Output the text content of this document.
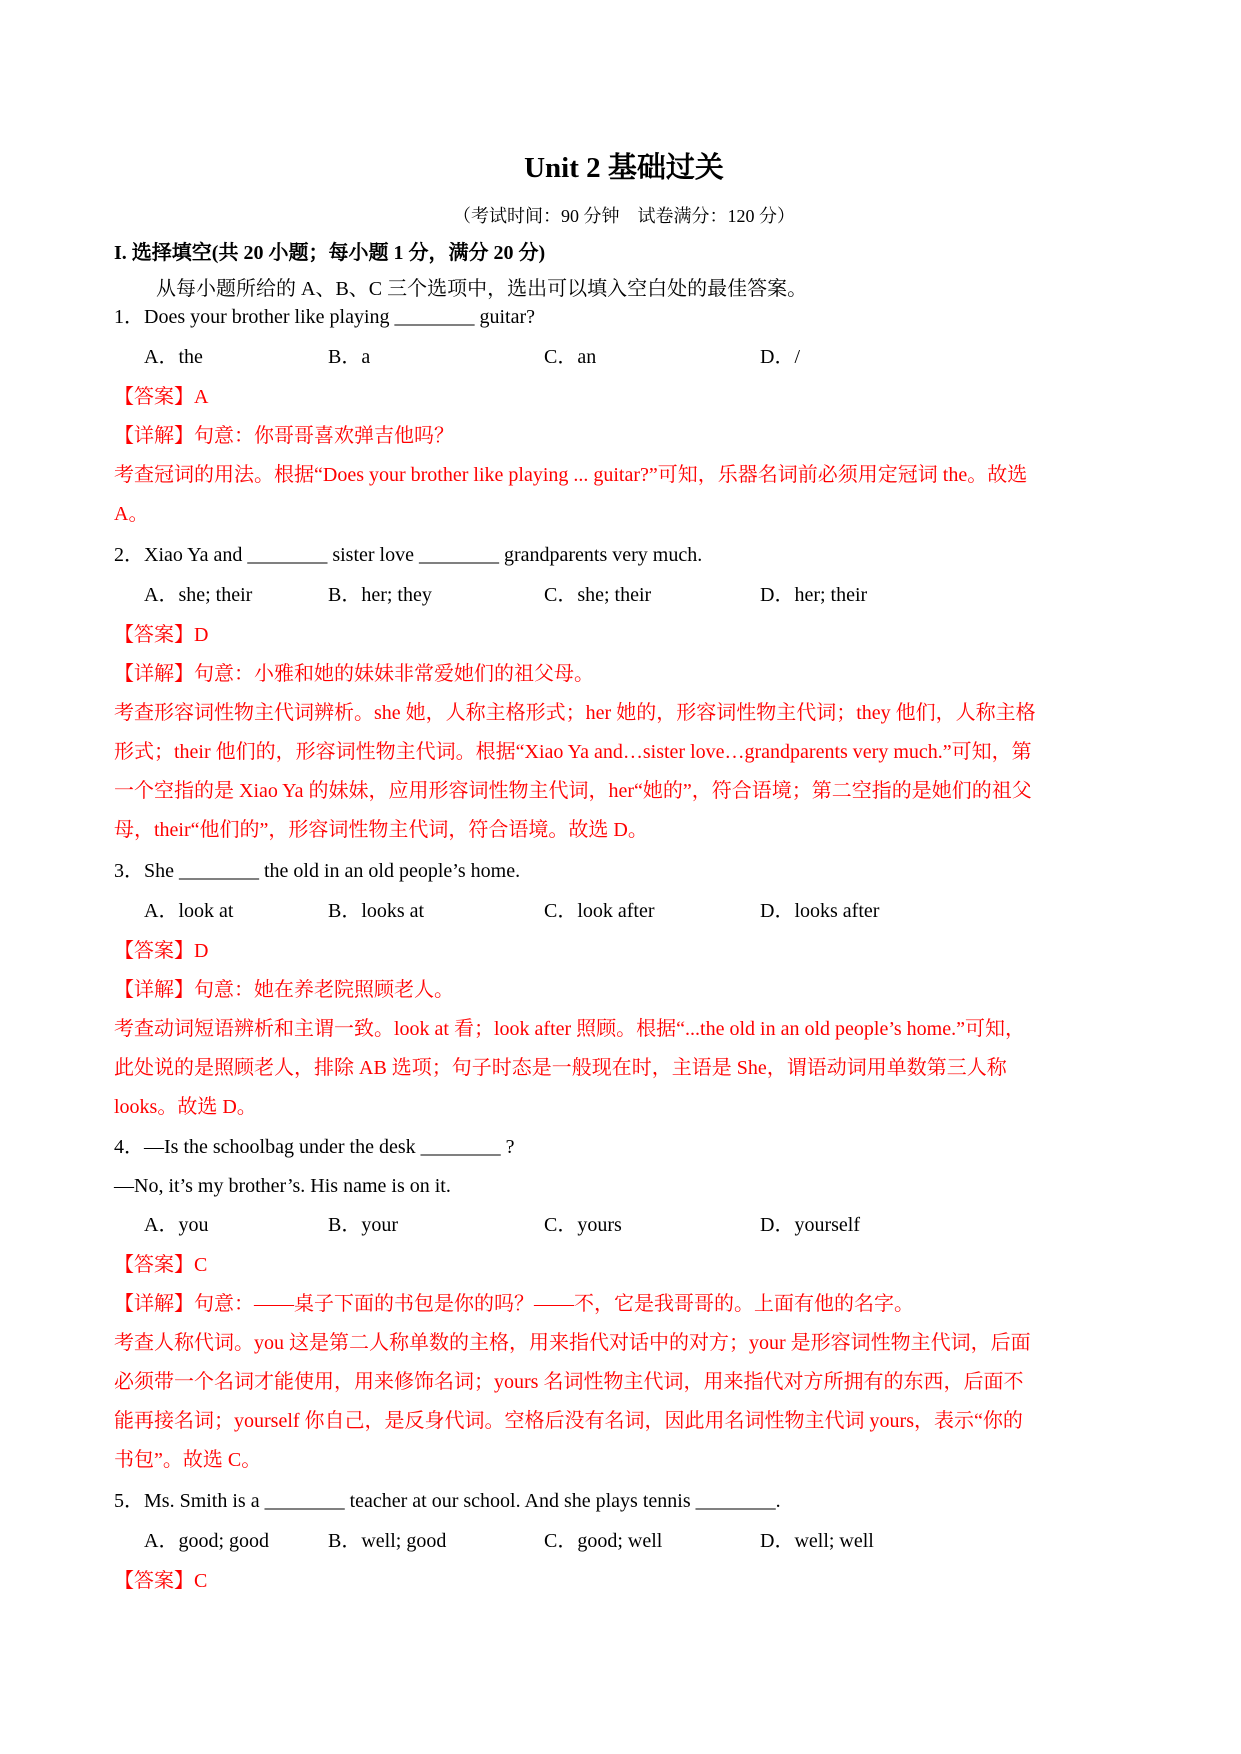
Unit 2 基础过关
（考试时间：90 分钟　试卷满分：120 分）
I. 选择填空(共 20 小题；每小题 1 分，满分 20 分)
从每小题所给的 A、B、C 三个选项中，选出可以填入空白处的最佳答案。
1．Does your brother like playing ________ guitar?
A．the	B．a	C．an	D．/
【答案】A
【详解】句意：你哥哥喜欢弹吉他吗？
考查冠词的用法。根据“Does your brother like playing ... guitar?”可知，乐器名词前必须用定冠词 the。故选
A。
2．Xiao Ya and ________ sister love ________ grandparents very much.
A．she; their	B．her; they	C．she; their	D．her; their
【答案】D
【详解】句意：小雅和她的妹妹非常爱她们的祖父母。
考查形容词性物主代词辨析。she 她，人称主格形式；her 她的，形容词性物主代词；they 他们，人称主格
形式；their 他们的，形容词性物主代词。根据“Xiao Ya and…sister love…grandparents very much.”可知，第
一个空指的是 Xiao Ya 的妹妹，应用形容词性物主代词，her“她的”，符合语境；第二空指的是她们的祖父
母，their“他们的”，形容词性物主代词，符合语境。故选 D。
3．She ________ the old in an old people’s home.
A．look at	B．looks at	C．look after	D．looks after
【答案】D
【详解】句意：她在养老院照顾老人。
考查动词短语辨析和主谓一致。look at 看；look after 照顾。根据“...the old in an old people’s home.”可知，
此处说的是照顾老人，排除 AB 选项；句子时态是一般现在时，主语是 She，谓语动词用单数第三人称
looks。故选 D。
4．—Is the schoolbag under the desk ________ ?
—No, it’s my brother’s. His name is on it.
A．you	B．your	C．yours	D．yourself
【答案】C
【详解】句意：——桌子下面的书包是你的吗？——不，它是我哥哥的。上面有他的名字。
考查人称代词。you 这是第二人称单数的主格，用来指代对话中的对方；your 是形容词性物主代词，后面
必须带一个名词才能使用，用来修饰名词；yours 名词性物主代词，用来指代对方所拥有的东西，后面不
能再接名词；yourself 你自己，是反身代词。空格后没有名词，因此用名词性物主代词 yours，表示“你的
书包”。故选 C。
5．Ms. Smith is a ________ teacher at our school. And she plays tennis ________.
A．good; good	B．well; good	C．good; well	D．well; well
【答案】C
